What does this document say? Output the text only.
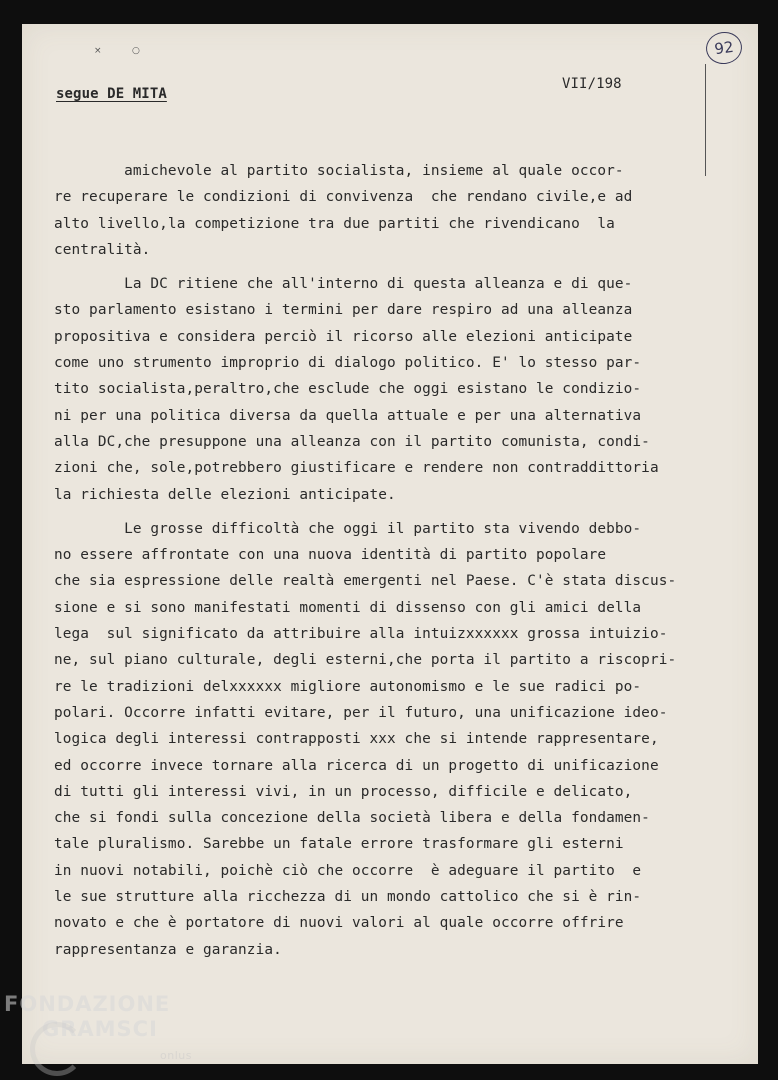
×	○	92
segue DE MITA
VII/198
amichevole al partito socialista, insieme al quale occor-
re recuperare le condizioni di convivenza  che rendano civile,e ad
alto livello,la competizione tra due partiti che rivendicano  la
centralità.
La DC ritiene che all'interno di questa alleanza e di que-
sto parlamento esistano i termini per dare respiro ad una alleanza
propositiva e considera perciò il ricorso alle elezioni anticipate
come uno strumento improprio di dialogo politico. E' lo stesso par-
tito socialista,peraltro,che esclude che oggi esistano le condizio-
ni per una politica diversa da quella attuale e per una alternativa
alla DC,che presuppone una alleanza con il partito comunista, condi-
zioni che, sole,potrebbero giustificare e rendere non contraddittoria
la richiesta delle elezioni anticipate.
Le grosse difficoltà che oggi il partito sta vivendo debbo-
no essere affrontate con una nuova identità di partito popolare
che sia espressione delle realtà emergenti nel Paese. C'è stata discus-
sione e si sono manifestati momenti di dissenso con gli amici della
lega  sul significato da attribuire alla intuizxxxxxx grossa intuizio-
ne, sul piano culturale, degli esterni,che porta il partito a riscopri-
re le tradizioni delxxxxxx migliore autonomismo e le sue radici po-
polari. Occorre infatti evitare, per il futuro, una unificazione ideo-
logica degli interessi contrapposti xxx che si intende rappresentare,
ed occorre invece tornare alla ricerca di un progetto di unificazione
di tutti gli interessi vivi, in un processo, difficile e delicato,
che si fondi sulla concezione della società libera e della fondamen-
tale pluralismo. Sarebbe un fatale errore trasformare gli esterni
in nuovi notabili, poichè ciò che occorre  è adeguare il partito  e
le sue strutture alla ricchezza di un mondo cattolico che si è rin-
novato e che è portatore di nuovi valori al quale occorre offrire
rappresentanza e garanzia.
FONDAZIONE
GRAMSCI
onlus
